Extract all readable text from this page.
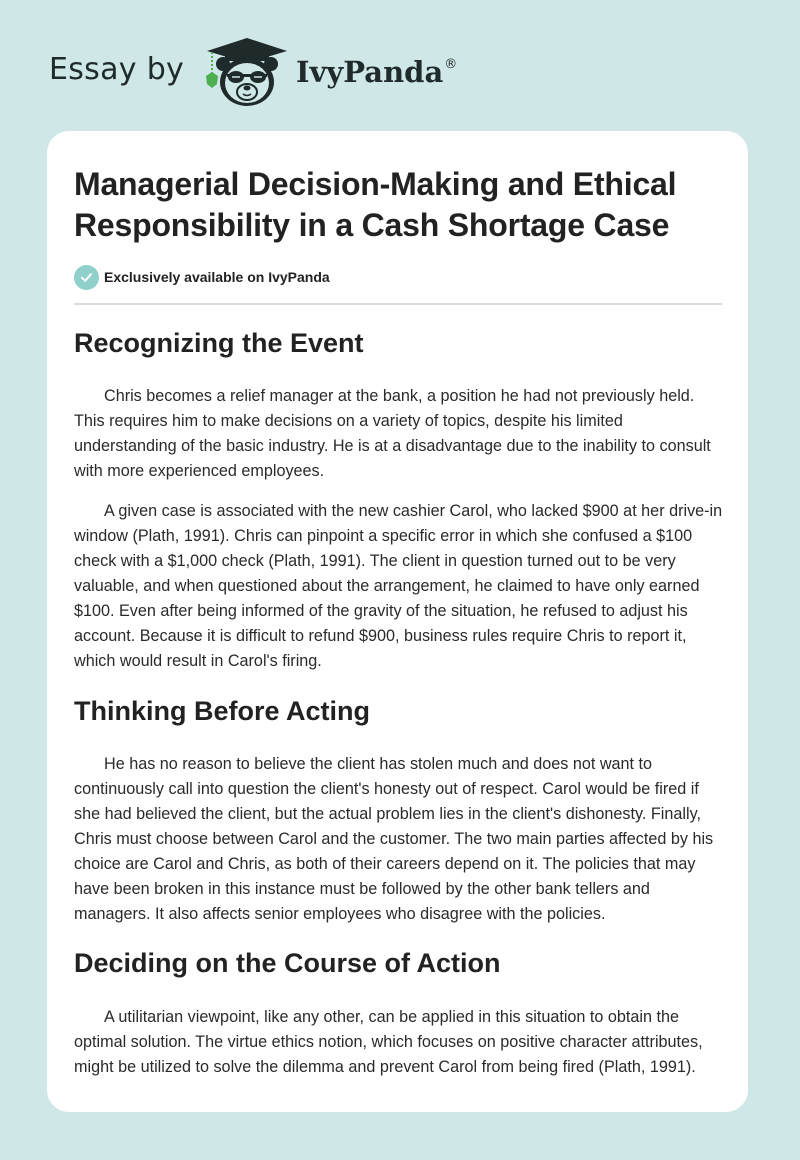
Essay by	IvyPanda®
Managerial Decision-Making and Ethical Responsibility in a Cash Shortage Case
Exclusively available on IvyPanda
Recognizing the Event

Chris becomes a relief manager at the bank, a position he had not previously held. This requires him to make decisions on a variety of topics, despite his limited understanding of the basic industry. He is at a disadvantage due to the inability to consult with more experienced employees.

A given case is associated with the new cashier Carol, who lacked $900 at her drive-in window (Plath, 1991). Chris can pinpoint a specific error in which she confused a $100 check with a $1,000 check (Plath, 1991). The client in question turned out to be very valuable, and when questioned about the arrangement, he claimed to have only earned $100. Even after being informed of the gravity of the situation, he refused to adjust his account. Because it is difficult to refund $900, business rules require Chris to report it, which would result in Carol's firing.

Thinking Before Acting

He has no reason to believe the client has stolen much and does not want to continuously call into question the client's honesty out of respect. Carol would be fired if she had believed the client, but the actual problem lies in the client's dishonesty. Finally, Chris must choose between Carol and the customer. The two main parties affected by his choice are Carol and Chris, as both of their careers depend on it. The policies that may have been broken in this instance must be followed by the other bank tellers and managers. It also affects senior employees who disagree with the policies.

Deciding on the Course of Action

A utilitarian viewpoint, like any other, can be applied in this situation to obtain the optimal solution. The virtue ethics notion, which focuses on positive character attributes, might be utilized to solve the dilemma and prevent Carol from being fired (Plath, 1991).
